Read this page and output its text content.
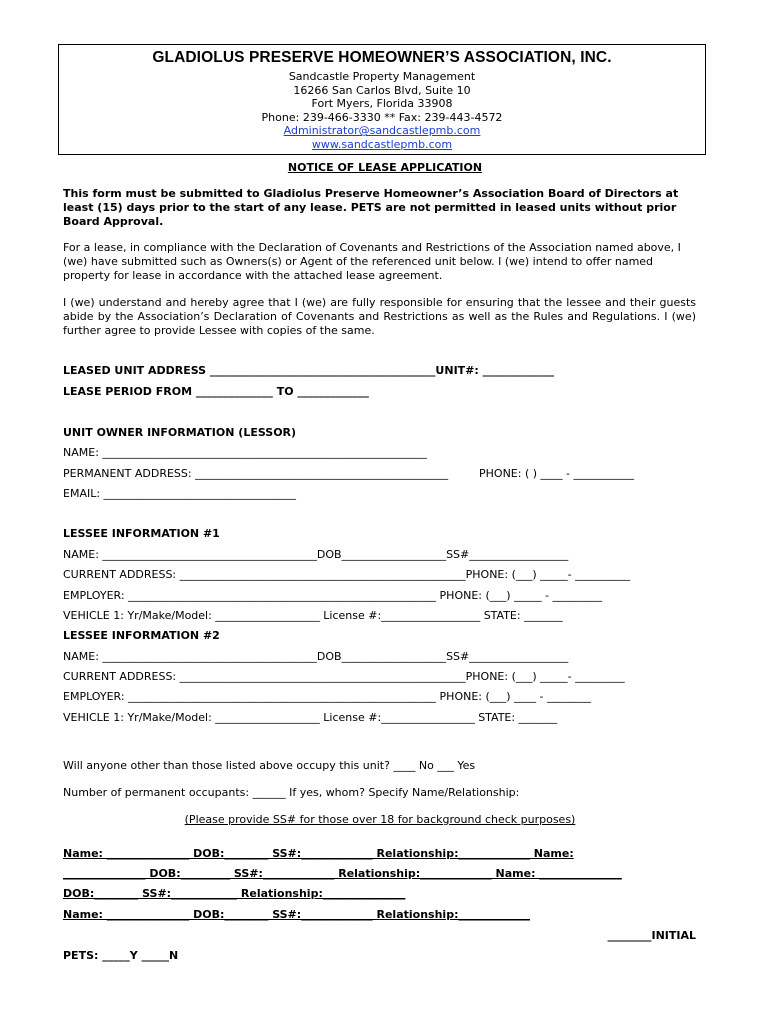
GLADIOLUS PRESERVE HOMEOWNER’S ASSOCIATION, INC.
Sandcastle Property Management
16266 San Carlos Blvd, Suite 10
Fort Myers, Florida 33908
Phone: 239-466-3330 ** Fax: 239-443-4572
Administrator@sandcastlepmb.com
www.sandcastlepmb.com
NOTICE OF LEASE APPLICATION
This form must be submitted to Gladiolus Preserve Homeowner’s Association Board of Directors at least (15) days prior to the start of any lease. PETS are not permitted in leased units without prior Board Approval.
For a lease, in compliance with the Declaration of Covenants and Restrictions of the Association named above, I (we) have submitted such as Owners(s) or Agent of the referenced unit below. I (we) intend to offer named property for lease in accordance with the attached lease agreement.
I (we) understand and hereby agree that I (we) are fully responsible for ensuring that the lessee and their guests abide by the Association’s Declaration of Covenants and Restrictions as well as the Rules and Regulations. I (we) further agree to provide Lessee with copies of the same.
LEASED UNIT ADDRESS _________________________________________UNIT#: _____________
LEASE PERIOD FROM ______________ TO _____________
UNIT OWNER INFORMATION (LESSOR)
NAME: ___________________________________________________________
PERMANENT ADDRESS: ______________________________________________	PHONE: ( ) ____ - ___________
EMAIL: ___________________________________
LESSEE INFORMATION #1
NAME: _______________________________________DOB___________________SS#__________________
CURRENT ADDRESS: ____________________________________________________PHONE: (___) _____- __________
EMPLOYER: ________________________________________________________ PHONE: (___) _____ - _________
VEHICLE 1: Yr/Make/Model: ___________________ License #:__________________ STATE: _______
LESSEE INFORMATION #2
NAME: _______________________________________DOB___________________SS#__________________
CURRENT ADDRESS: ____________________________________________________PHONE: (___) _____- _________
EMPLOYER: ________________________________________________________ PHONE: (___) ____ - ________
VEHICLE 1: Yr/Make/Model: ___________________ License #:_________________ STATE: _______
Will anyone other than those listed above occupy this unit? ____ No ___ Yes
Number of permanent occupants: ______ If yes, whom? Specify Name/Relationship:
(Please provide SS# for those over 18 for background check purposes)
Name: _______________ DOB:________ SS#:_____________ Relationship:_____________ Name:
_______________ DOB:_________ SS#:_____________ Relationship:_____________ Name: _______________
DOB:________ SS#:____________ Relationship:_______________
Name: _______________ DOB:________ SS#:_____________ Relationship:_____________
________INITIAL
PETS: _____Y _____N
